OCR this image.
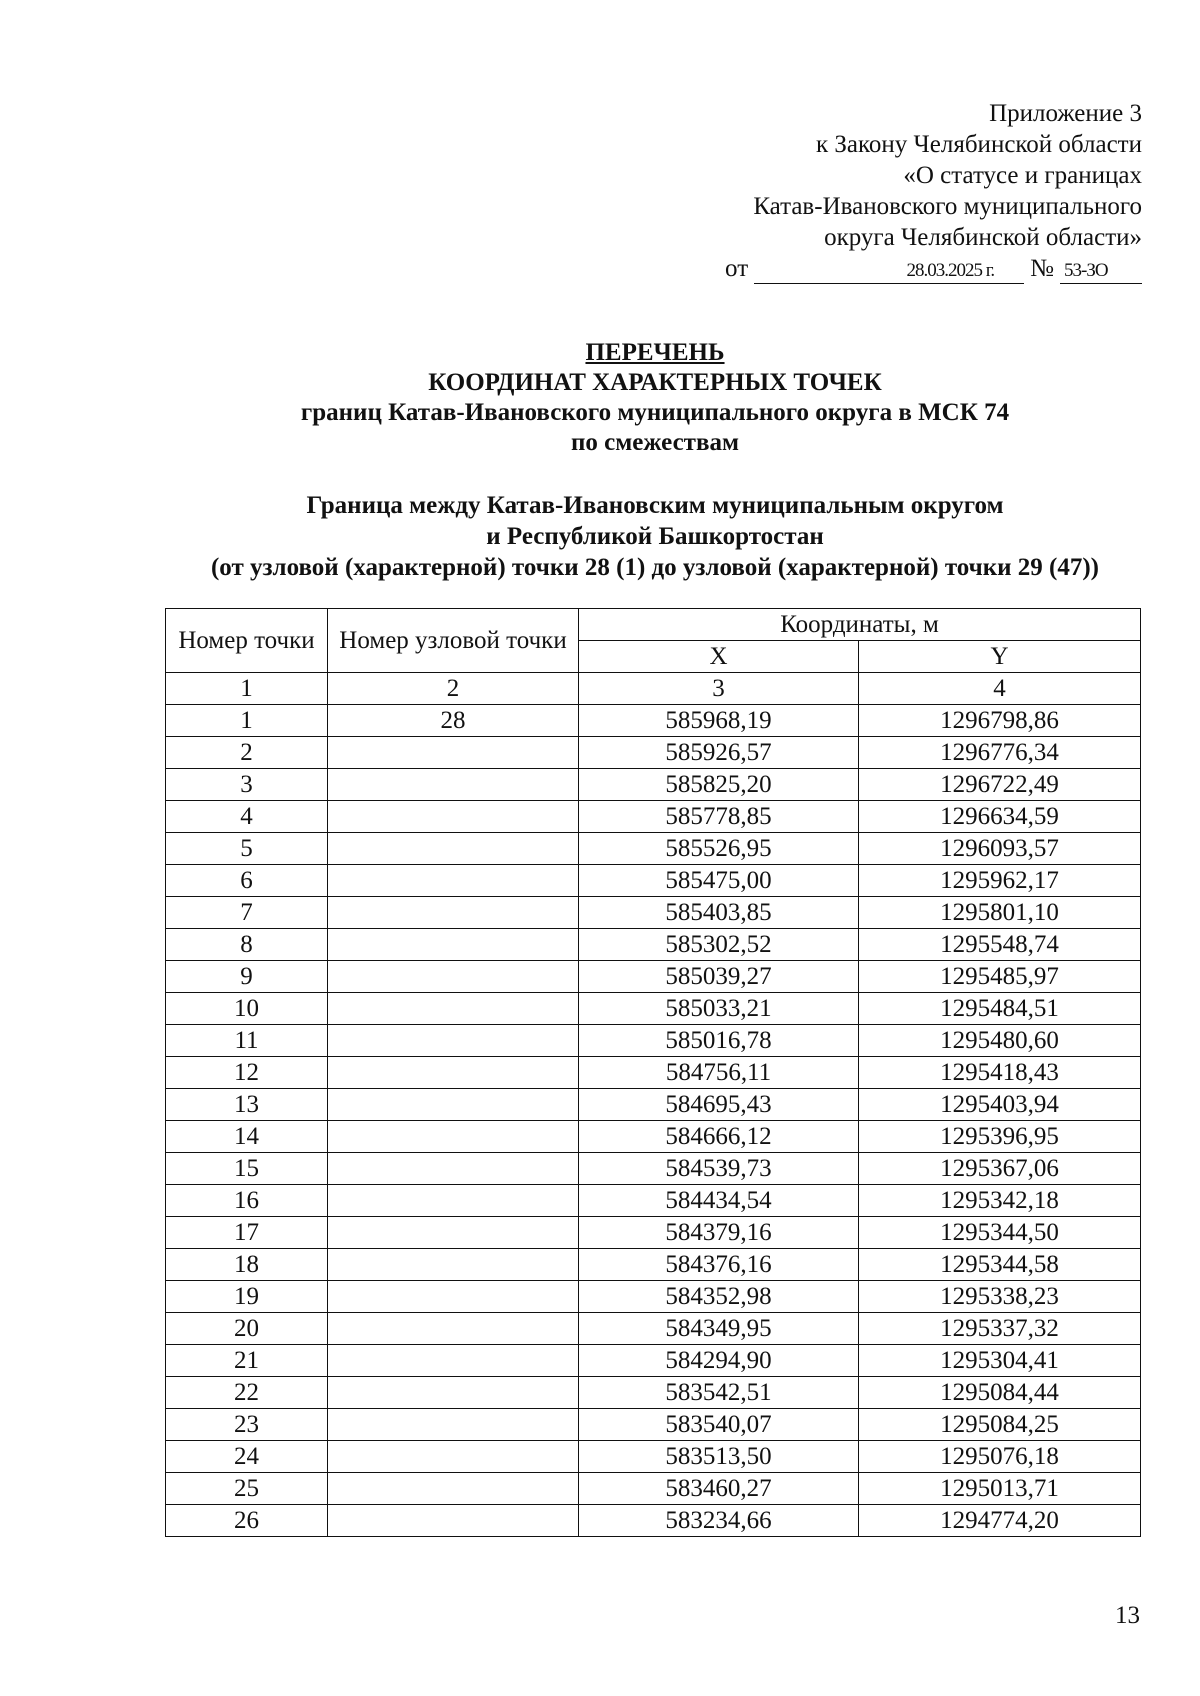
Приложение 3
к Закону Челябинской области
«О статусе и границах
Катав-Ивановского муниципального
округа Челябинской области»
от	28.03.2025 г.	№ 53-ЗО
ПЕРЕЧЕНЬ
КООРДИНАТ ХАРАКТЕРНЫХ ТОЧЕК
границ Катав-Ивановского муниципального округа в МСК 74
по смежествам
Граница между Катав-Ивановским муниципальным округом
и Республикой Башкортостан
(от узловой (характерной) точки 28 (1) до узловой (характерной) точки 29 (47))
Номер точки	Номер узловой точки	Координаты, м	
		X	Y
1	2	3	4
1	28	585968,19	1296798,86
2		585926,57	1296776,34
3		585825,20	1296722,49
4		585778,85	1296634,59
5		585526,95	1296093,57
6		585475,00	1295962,17
7		585403,85	1295801,10
8		585302,52	1295548,74
9		585039,27	1295485,97
10		585033,21	1295484,51
11		585016,78	1295480,60
12		584756,11	1295418,43
13		584695,43	1295403,94
14		584666,12	1295396,95
15		584539,73	1295367,06
16		584434,54	1295342,18
17		584379,16	1295344,50
18		584376,16	1295344,58
19		584352,98	1295338,23
20		584349,95	1295337,32
21		584294,90	1295304,41
22		583542,51	1295084,44
23		583540,07	1295084,25
24		583513,50	1295076,18
25		583460,27	1295013,71
26		583234,66	1294774,20
13
